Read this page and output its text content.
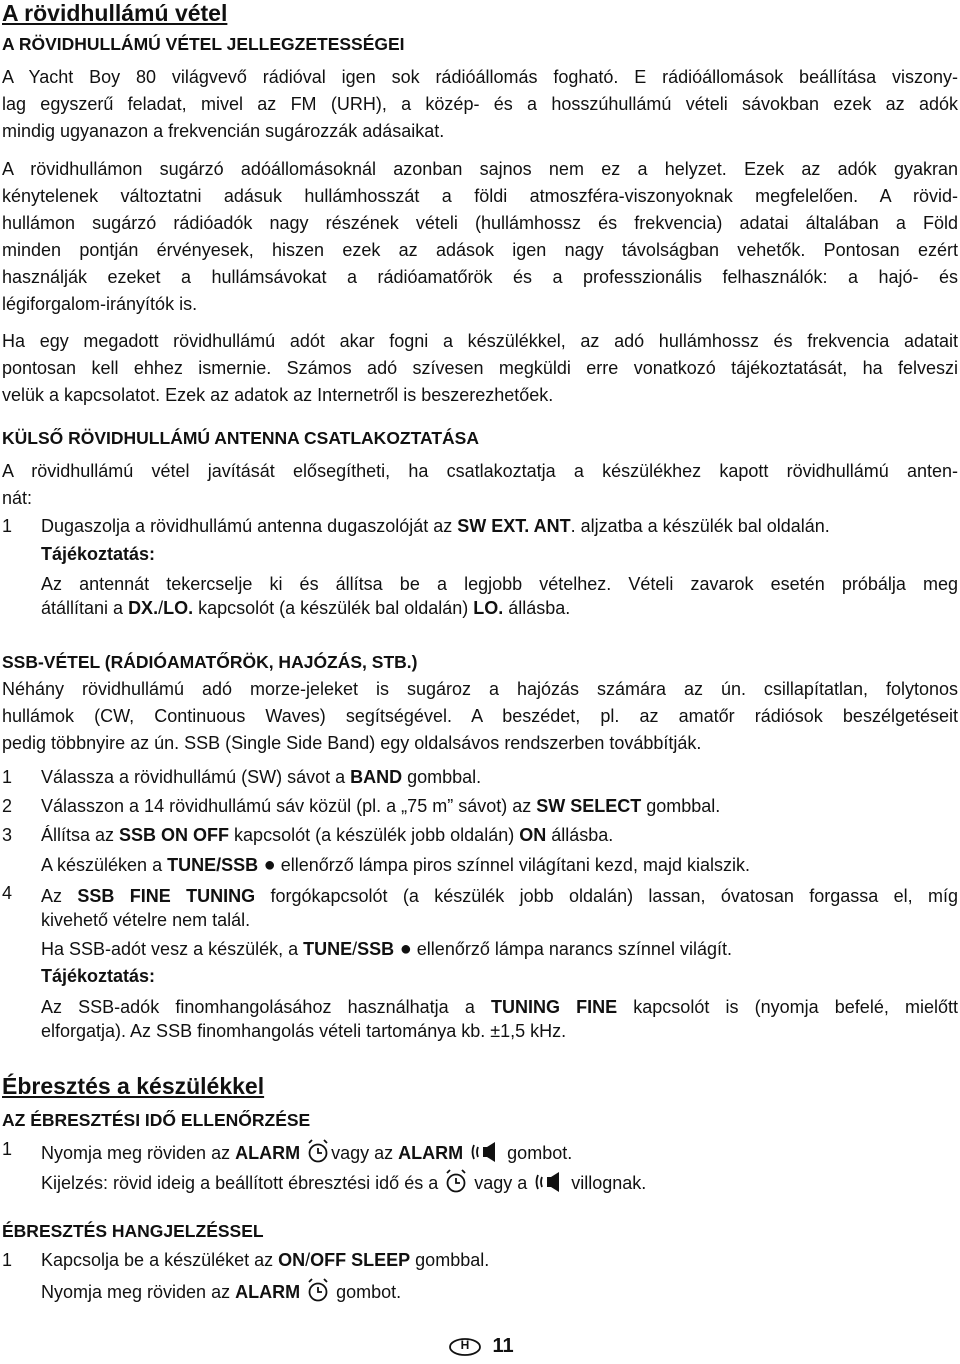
A rövidhullámú vétel
A RÖVIDHULLÁMÚ VÉTEL JELLEGZETESSÉGEI
A Yacht Boy 80 világvevő rádióval igen sok rádióállomás fogható. E rádióállomások beállítása viszony-
lag egyszerű feladat, mivel az FM (URH), a közép- és a hosszúhullámú vételi sávokban ezek az adók
mindig ugyanazon a frekvencián sugározzák adásaikat.
A rövidhullámon sugárzó adóállomásoknál azonban sajnos nem ez a helyzet. Ezek az adók gyakran
kénytelenek változtatni adásuk hullámhosszát a földi atmoszféra-viszonyoknak megfelelően. A rövid-
hullámon sugárzó rádióadók nagy részének vételi (hullámhossz és frekvencia) adatai általában a Föld
minden pontján érvényesek, hiszen ezek az adások igen nagy távolságban vehetők. Pontosan ezért
használják ezeket a hullámsávokat a rádióamatőrök és a professzionális felhasználók: a hajó- és
légiforgalom-irányítók is.
Ha egy megadott rövidhullámú adót akar fogni a készülékkel, az adó hullámhossz és frekvencia adatait
pontosan kell ehhez ismernie. Számos adó szívesen megküldi erre vonatkozó tájékoztatását, ha felveszi
velük a kapcsolatot. Ezek az adatok az Internetről is beszerezhetőek.
KÜLSŐ RÖVIDHULLÁMÚ ANTENNA CSATLAKOZTATÁSA
A rövidhullámú vétel javítását elősegítheti, ha csatlakoztatja a készülékhez kapott rövidhullámú anten-
nát:
1 Dugaszolja a rövidhullámú antenna dugaszolóját az SW EXT. ANT. aljzatba a készülék bal oldalán.
Tájékoztatás:
Az antennát tekercselje ki és állítsa be a legjobb vételhez. Vételi zavarok esetén próbálja meg
átállítani a DX./LO. kapcsolót (a készülék bal oldalán) LO. állásba.
SSB-VÉTEL (RÁDIÓAMATŐRÖK, HAJÓZÁS, STB.)
Néhány rövidhullámú adó morze-jeleket is sugároz a hajózás számára az ún. csillapítatlan, folytonos
hullámok (CW, Continuous Waves) segítségével. A beszédet, pl. az amatőr rádiósok beszélgetéseit
pedig többnyire az ún. SSB (Single Side Band) egy oldalsávos rendszerben továbbítják.
1 Válassza a rövidhullámú (SW) sávot a BAND gombbal.
2 Válasszon a 14 rövidhullámú sáv közül (pl. a „75 m” sávot) az SW SELECT gombbal.
3 Állítsa az SSB ON OFF kapcsolót (a készülék jobb oldalán) ON állásba.
A készüléken a TUNE/SSB ● ellenőrző lámpa piros színnel világítani kezd, majd kialszik.
4 Az SSB FINE TUNING forgókapcsolót (a készülék jobb oldalán) lassan, óvatosan forgassa el, míg
kivehető vételre nem talál.
Ha SSB-adót vesz a készülék, a TUNE/SSB ● ellenőrző lámpa narancs színnel világít.
Tájékoztatás:
Az SSB-adók finomhangolásához használhatja a TUNING FINE kapcsolót is (nyomja befelé, mielőtt
elforgatja). Az SSB finomhangolás vételi tartománya kb. ±1,5 kHz.
Ébresztés a készülékkel
AZ ÉBRESZTÉSI IDŐ ELLENŐRZÉSE
1 Nyomja meg röviden az ALARM vagy az ALARM  gombot.
Kijelzés: rövid ideig a beállított ébresztési idő és a  vagy a  villognak.
ÉBRESZTÉS HANGJELZÉSSEL
1 Kapcsolja be a készüléket az ON/OFF SLEEP gombbal.
Nyomja meg röviden az ALARM  gombot.
H	11
